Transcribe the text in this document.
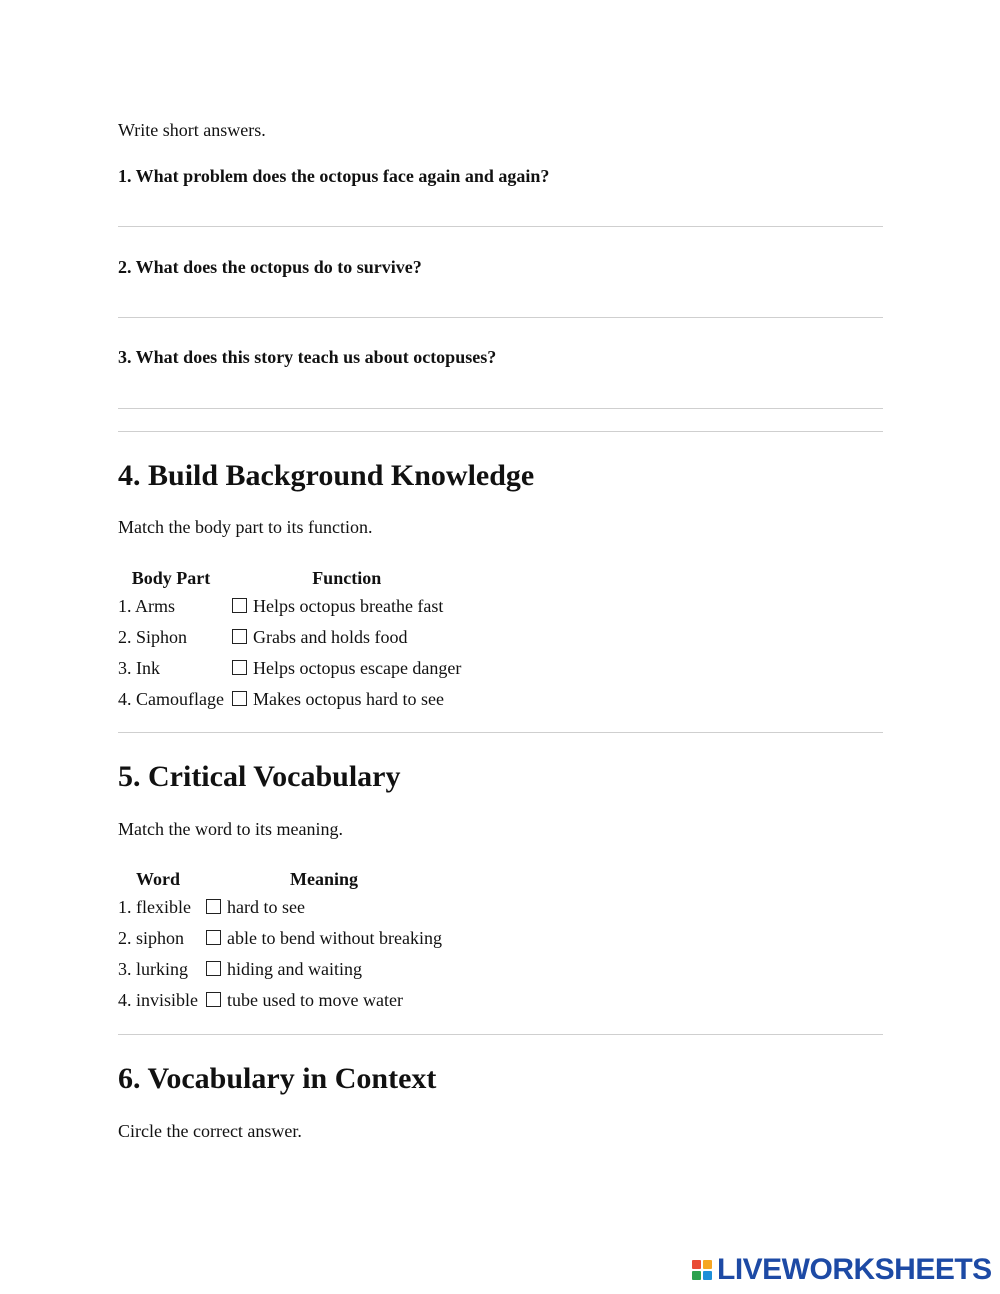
Write short answers.
1. What problem does the octopus face again and again?
2. What does the octopus do to survive?
3. What does this story teach us about octopuses?
4. Build Background Knowledge
Match the body part to its function.
Body Part	Function
1. Arms	Helps octopus breathe fast
2. Siphon	Grabs and holds food
3. Ink	Helps octopus escape danger
4. Camouflage	Makes octopus hard to see
5. Critical Vocabulary
Match the word to its meaning.
Word	Meaning
1. flexible	hard to see
2. siphon	able to bend without breaking
3. lurking	hiding and waiting
4. invisible	tube used to move water
6. Vocabulary in Context
Circle the correct answer.
LIVEWORKSHEETS
